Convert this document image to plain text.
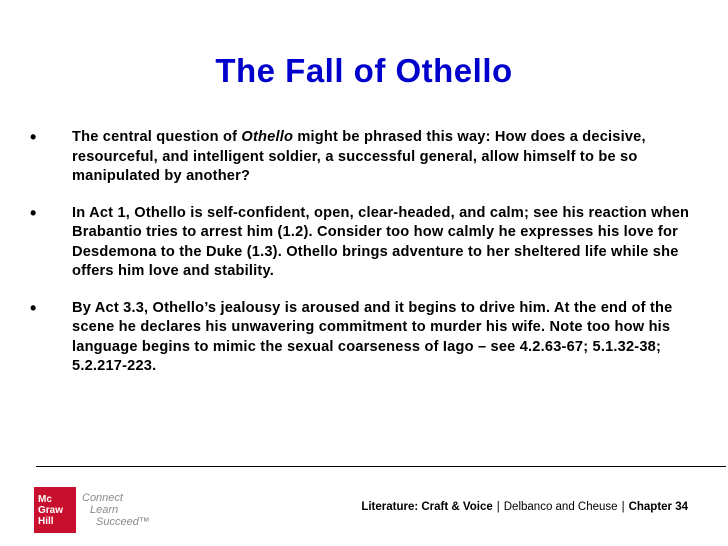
The Fall of Othello
• The central question of Othello might be phrased this way: How does a decisive, resourceful, and intelligent soldier, a successful general, allow himself to be so manipulated by another?
• In Act 1, Othello is self-confident, open, clear-headed, and calm; see his reaction when Brabantio tries to arrest him (1.2). Consider too how calmly he expresses his love for Desdemona to the Duke (1.3). Othello brings adventure to her sheltered life while she offers him love and stability.
• By Act 3.3, Othello’s jealousy is aroused and it begins to drive him. At the end of the scene he declares his unwavering commitment to murder his wife. Note too how his language begins to mimic the sexual coarseness of Iago – see 4.2.63-67; 5.1.32-38; 5.2.217-223.
Mc
Graw
Hill
Connect
Learn
Succeed™
Literature: Craft & Voice | Delbanco and Cheuse | Chapter 34
